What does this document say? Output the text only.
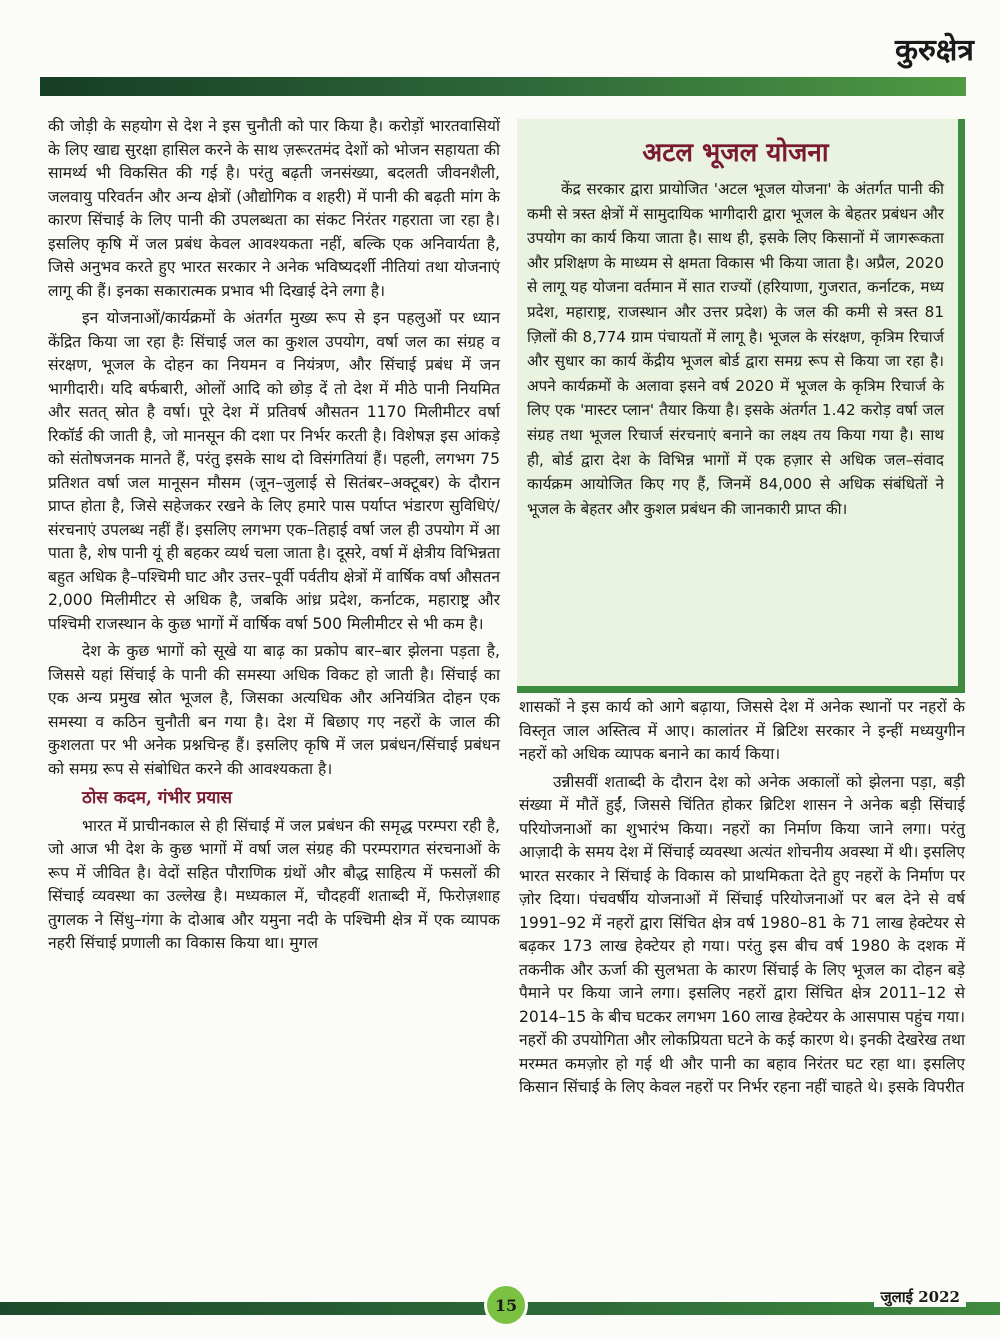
कुरुक्षेत्र

की जोड़ी के सहयोग से देश ने इस चुनौती को पार किया है। करोड़ों भारतवासियों के लिए खाद्य सुरक्षा हासिल करने के साथ ज़रूरतमंद देशों को भोजन सहायता की सामर्थ्य भी विकसित की गई है। परंतु बढ़ती जनसंख्या, बदलती जीवनशैली, जलवायु परिवर्तन और अन्य क्षेत्रों (औद्योगिक व शहरी) में पानी की बढ़ती मांग के कारण सिंचाई के लिए पानी की उपलब्धता का संकट निरंतर गहराता जा रहा है। इसलिए कृषि में जल प्रबंध केवल आवश्यकता नहीं, बल्कि एक अनिवार्यता है, जिसे अनुभव करते हुए भारत सरकार ने अनेक भविष्यदर्शी नीतियां तथा योजनाएं लागू की हैं। इनका सकारात्मक प्रभाव भी दिखाई देने लगा है।

इन योजनाओं/कार्यक्रमों के अंतर्गत मुख्य रूप से इन पहलुओं पर ध्यान केंद्रित किया जा रहा हैः सिंचाई जल का कुशल उपयोग, वर्षा जल का संग्रह व संरक्षण, भूजल के दोहन का नियमन व नियंत्रण, और सिंचाई प्रबंध में जन भागीदारी। यदि बर्फबारी, ओलों आदि को छोड़ दें तो देश में मीठे पानी नियमित और सतत् स्रोत है वर्षा। पूरे देश में प्रतिवर्ष औसतन 1170 मिलीमीटर वर्षा रिकॉर्ड की जाती है, जो मानसून की दशा पर निर्भर करती है। विशेषज्ञ इस आंकड़े को संतोषजनक मानते हैं, परंतु इसके साथ दो विसंगतियां हैं। पहली, लगभग 75 प्रतिशत वर्षा जल मानूसन मौसम (जून–जुलाई से सितंबर–अक्टूबर) के दौरान प्राप्त होता है, जिसे सहेजकर रखने के लिए हमारे पास पर्याप्त भंडारण सुविधिएं/संरचनाएं उपलब्ध नहीं हैं। इसलिए लगभग एक–तिहाई वर्षा जल ही उपयोग में आ पाता है, शेष पानी यूं ही बहकर व्यर्थ चला जाता है। दूसरे, वर्षा में क्षेत्रीय विभिन्नता बहुत अधिक है–पश्चिमी घाट और उत्तर–पूर्वी पर्वतीय क्षेत्रों में वार्षिक वर्षा औसतन 2,000 मिलीमीटर से अधिक है, जबकि आंध्र प्रदेश, कर्नाटक, महाराष्ट्र और पश्चिमी राजस्थान के कुछ भागों में वार्षिक वर्षा 500 मिलीमीटर से भी कम है।

देश के कुछ भागों को सूखे या बाढ़ का प्रकोप बार–बार झेलना पड़ता है, जिससे यहां सिंचाई के पानी की समस्या अधिक विकट हो जाती है। सिंचाई का एक अन्य प्रमुख स्रोत भूजल है, जिसका अत्यधिक और अनियंत्रित दोहन एक समस्या व कठिन चुनौती बन गया है। देश में बिछाए गए नहरों के जाल की कुशलता पर भी अनेक प्रश्नचिन्ह हैं। इसलिए कृषि में जल प्रबंधन/सिंचाई प्रबंधन को समग्र रूप से संबोधित करने की आवश्यकता है।

ठोस कदम, गंभीर प्रयास

भारत में प्राचीनकाल से ही सिंचाई में जल प्रबंधन की समृद्ध परम्परा रही है, जो आज भी देश के कुछ भागों में वर्षा जल संग्रह की परम्परागत संरचनाओं के रूप में जीवित है। वेदों सहित पौराणिक ग्रंथों और बौद्ध साहित्य में फसलों की सिंचाई व्यवस्था का उल्लेख है। मध्यकाल में, चौदहवीं शताब्दी में, फिरोज़शाह तुगलक ने सिंधु–गंगा के दोआब और यमुना नदी के पश्चिमी क्षेत्र में एक व्यापक नहरी सिंचाई प्रणाली का विकास किया था। मुगल

अटल भूजल योजना

केंद्र सरकार द्वारा प्रायोजित 'अटल भूजल योजना' के अंतर्गत पानी की कमी से त्रस्त क्षेत्रों में सामुदायिक भागीदारी द्वारा भूजल के बेहतर प्रबंधन और उपयोग का कार्य किया जाता है। साथ ही, इसके लिए किसानों में जागरूकता और प्रशिक्षण के माध्यम से क्षमता विकास भी किया जाता है। अप्रैल, 2020 से लागू यह योजना वर्तमान में सात राज्यों (हरियाणा, गुजरात, कर्नाटक, मध्य प्रदेश, महाराष्ट्र, राजस्थान और उत्तर प्रदेश) के जल की कमी से त्रस्त 81 ज़िलों की 8,774 ग्राम पंचायतों में लागू है। भूजल के संरक्षण, कृत्रिम रिचार्ज और सुधार का कार्य केंद्रीय भूजल बोर्ड द्वारा समग्र रूप से किया जा रहा है। अपने कार्यक्रमों के अलावा इसने वर्ष 2020 में भूजल के कृत्रिम रिचार्ज के लिए एक 'मास्टर प्लान' तैयार किया है। इसके अंतर्गत 1.42 करोड़ वर्षा जल संग्रह तथा भूजल रिचार्ज संरचनाएं बनाने का लक्ष्य तय किया गया है। साथ ही, बोर्ड द्वारा देश के विभिन्न भागों में एक हज़ार से अधिक जल–संवाद कार्यक्रम आयोजित किए गए हैं, जिनमें 84,000 से अधिक संबंधितों ने भूजल के बेहतर और कुशल प्रबंधन की जानकारी प्राप्त की।

शासकों ने इस कार्य को आगे बढ़ाया, जिससे देश में अनेक स्थानों पर नहरों के विस्तृत जाल अस्तित्व में आए। कालांतर में ब्रिटिश सरकार ने इन्हीं मध्ययुगीन नहरों को अधिक व्यापक बनाने का कार्य किया।

उन्नीसवीं शताब्दी के दौरान देश को अनेक अकालों को झेलना पड़ा, बड़ी संख्या में मौतें हुईं, जिससे चिंतित होकर ब्रिटिश शासन ने अनेक बड़ी सिंचाई परियोजनाओं का शुभारंभ किया। नहरों का निर्माण किया जाने लगा। परंतु आज़ादी के समय देश में सिंचाई व्यवस्था अत्यंत शोचनीय अवस्था में थी। इसलिए भारत सरकार ने सिंचाई के विकास को प्राथमिकता देते हुए नहरों के निर्माण पर ज़ोर दिया। पंचवर्षीय योजनाओं में सिंचाई परियोजनाओं पर बल देने से वर्ष 1991–92 में नहरों द्वारा सिंचित क्षेत्र वर्ष 1980–81 के 71 लाख हेक्टेयर से बढ़कर 173 लाख हेक्टेयर हो गया। परंतु इस बीच वर्ष 1980 के दशक में तकनीक और ऊर्जा की सुलभता के कारण सिंचाई के लिए भूजल का दोहन बड़े पैमाने पर किया जाने लगा। इसलिए नहरों द्वारा सिंचित क्षेत्र 2011–12 से 2014–15 के बीच घटकर लगभग 160 लाख हेक्टेयर के आसपास पहुंच गया। नहरों की उपयोगिता और लोकप्रियता घटने के कई कारण थे। इनकी देखरेख तथा मरम्मत कमज़ोर हो गई थी और पानी का बहाव निरंतर घट रहा था। इसलिए किसान सिंचाई के लिए केवल नहरों पर निर्भर रहना नहीं चाहते थे। इसके विपरीत

15	जुलाई 2022
